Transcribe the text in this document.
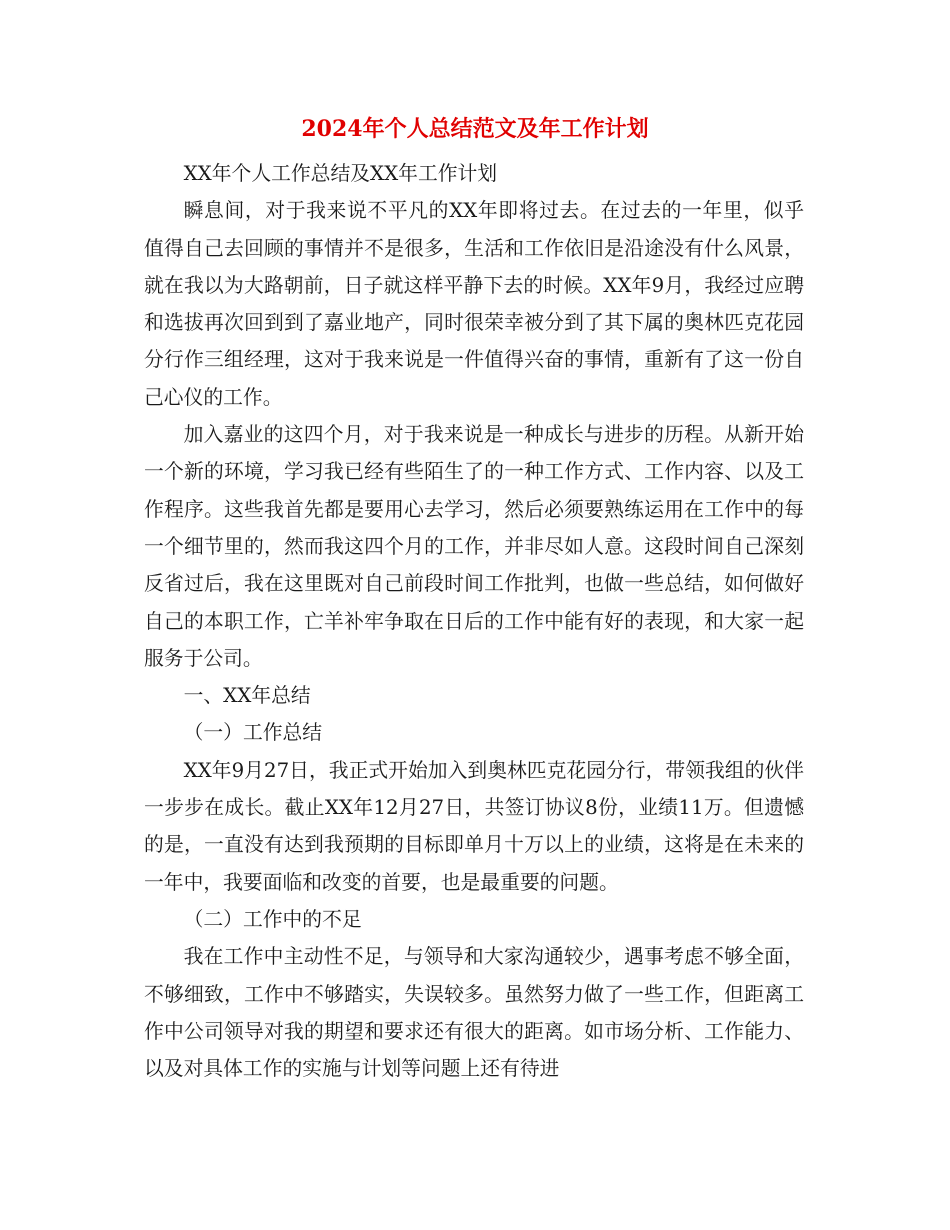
2024年个人总结范文及年工作计划

XX年个人工作总结及XX年工作计划

瞬息间，对于我来说不平凡的XX年即将过去。在过去的一年里，似乎值得自己去回顾的事情并不是很多，生活和工作依旧是沿途没有什么风景，就在我以为大路朝前，日子就这样平静下去的时候。XX年9月，我经过应聘和选拔再次回到到了嘉业地产，同时很荣幸被分到了其下属的奥林匹克花园分行作三组经理，这对于我来说是一件值得兴奋的事情，重新有了这一份自己心仪的工作。

加入嘉业的这四个月，对于我来说是一种成长与进步的历程。从新开始一个新的环境，学习我已经有些陌生了的一种工作方式、工作内容、以及工作程序。这些我首先都是要用心去学习，然后必须要熟练运用在工作中的每一个细节里的，然而我这四个月的工作，并非尽如人意。这段时间自己深刻反省过后，我在这里既对自己前段时间工作批判，也做一些总结，如何做好自己的本职工作，亡羊补牢争取在日后的工作中能有好的表现，和大家一起服务于公司。

一、XX年总结

（一）工作总结

XX年9月27日，我正式开始加入到奥林匹克花园分行，带领我组的伙伴一步步在成长。截止XX年12月27日，共签订协议8份，业绩11万。但遗憾的是，一直没有达到我预期的目标即单月十万以上的业绩，这将是在未来的一年中，我要面临和改变的首要，也是最重要的问题。

（二）工作中的不足

我在工作中主动性不足，与领导和大家沟通较少，遇事考虑不够全面，不够细致，工作中不够踏实，失误较多。虽然努力做了一些工作，但距离工作中公司领导对我的期望和要求还有很大的距离。如市场分析、工作能力、以及对具体工作的实施与计划等问题上还有待进
